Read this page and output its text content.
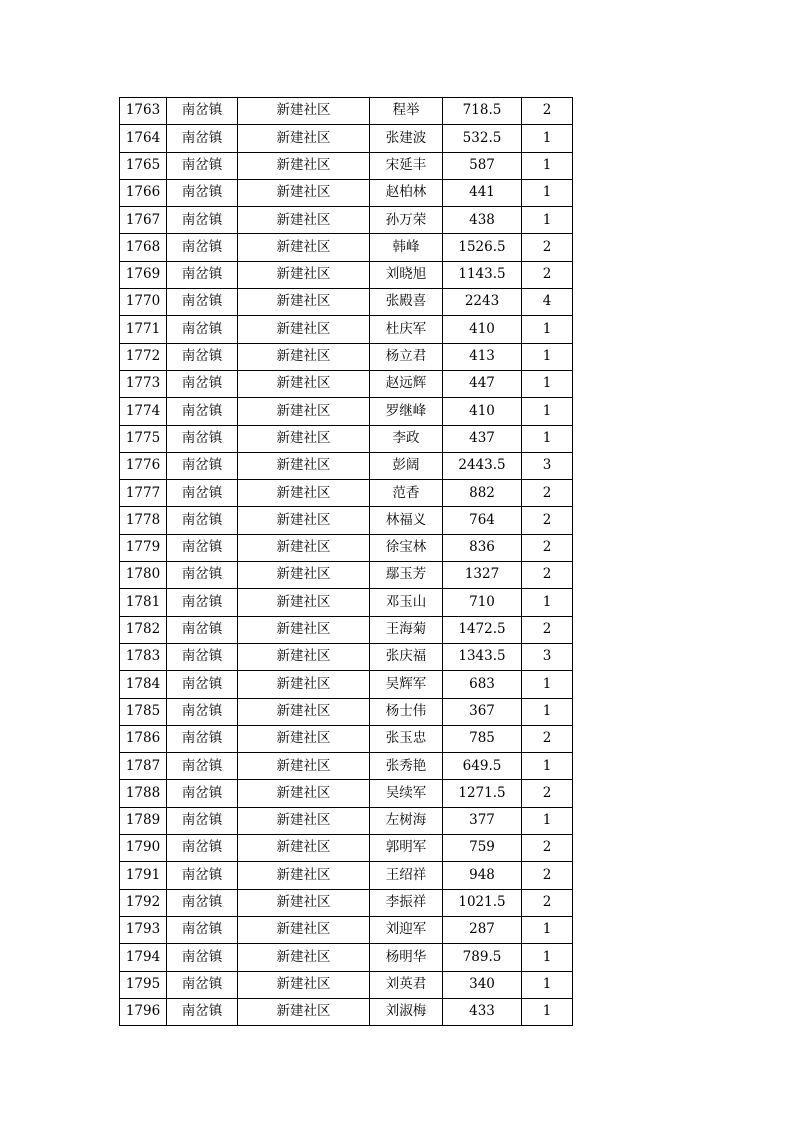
1763	南岔镇	新建社区	程举	718.5	2
1764	南岔镇	新建社区	张建波	532.5	1
1765	南岔镇	新建社区	宋延丰	587	1
1766	南岔镇	新建社区	赵柏林	441	1
1767	南岔镇	新建社区	孙万荣	438	1
1768	南岔镇	新建社区	韩峰	1526.5	2
1769	南岔镇	新建社区	刘晓旭	1143.5	2
1770	南岔镇	新建社区	张殿喜	2243	4
1771	南岔镇	新建社区	杜庆军	410	1
1772	南岔镇	新建社区	杨立君	413	1
1773	南岔镇	新建社区	赵远辉	447	1
1774	南岔镇	新建社区	罗继峰	410	1
1775	南岔镇	新建社区	李政	437	1
1776	南岔镇	新建社区	彭阔	2443.5	3
1777	南岔镇	新建社区	范香	882	2
1778	南岔镇	新建社区	林福义	764	2
1779	南岔镇	新建社区	徐宝林	836	2
1780	南岔镇	新建社区	鄢玉芳	1327	2
1781	南岔镇	新建社区	邓玉山	710	1
1782	南岔镇	新建社区	王海菊	1472.5	2
1783	南岔镇	新建社区	张庆福	1343.5	3
1784	南岔镇	新建社区	吴辉军	683	1
1785	南岔镇	新建社区	杨士伟	367	1
1786	南岔镇	新建社区	张玉忠	785	2
1787	南岔镇	新建社区	张秀艳	649.5	1
1788	南岔镇	新建社区	吴续军	1271.5	2
1789	南岔镇	新建社区	左树海	377	1
1790	南岔镇	新建社区	郭明军	759	2
1791	南岔镇	新建社区	王绍祥	948	2
1792	南岔镇	新建社区	李振祥	1021.5	2
1793	南岔镇	新建社区	刘迎军	287	1
1794	南岔镇	新建社区	杨明华	789.5	1
1795	南岔镇	新建社区	刘英君	340	1
1796	南岔镇	新建社区	刘淑梅	433	1
